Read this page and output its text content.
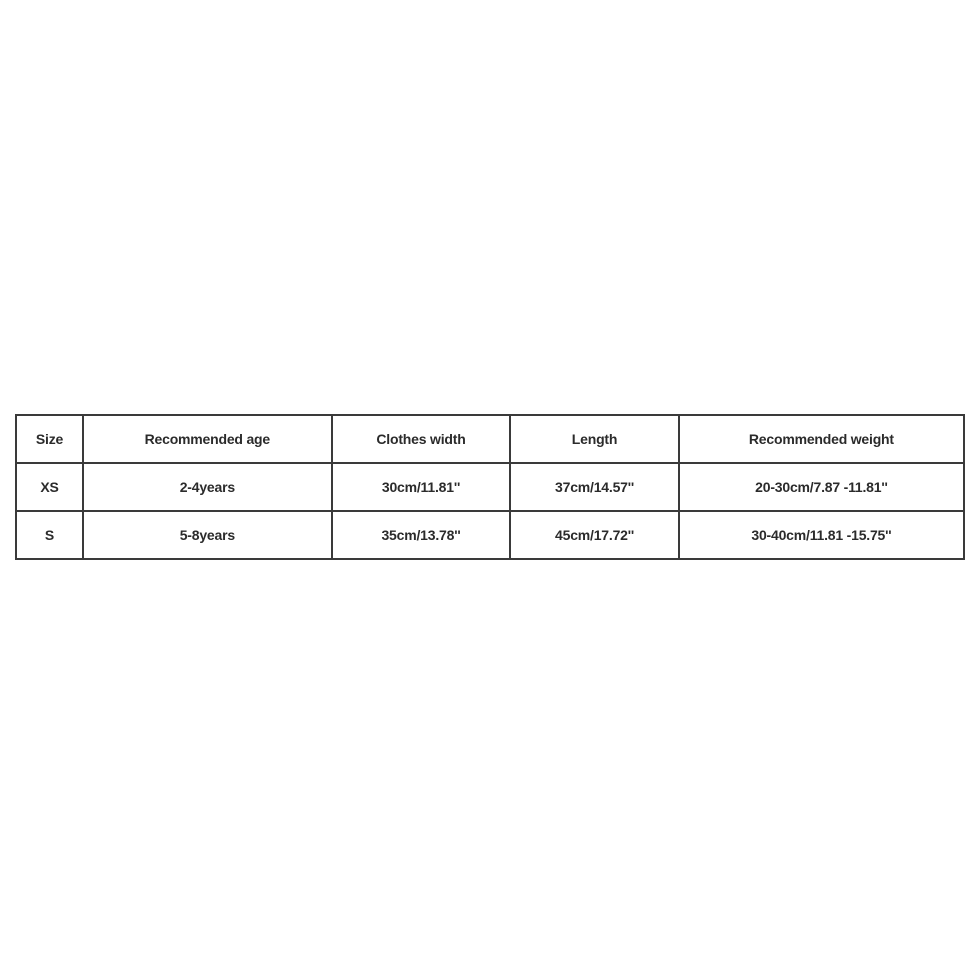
Size	Recommended age	Clothes width	Length	Recommended weight
XS	2-4years	30cm/11.81''	37cm/14.57''	20-30cm/7.87 -11.81''
S	5-8years	35cm/13.78''	45cm/17.72''	30-40cm/11.81 -15.75''
